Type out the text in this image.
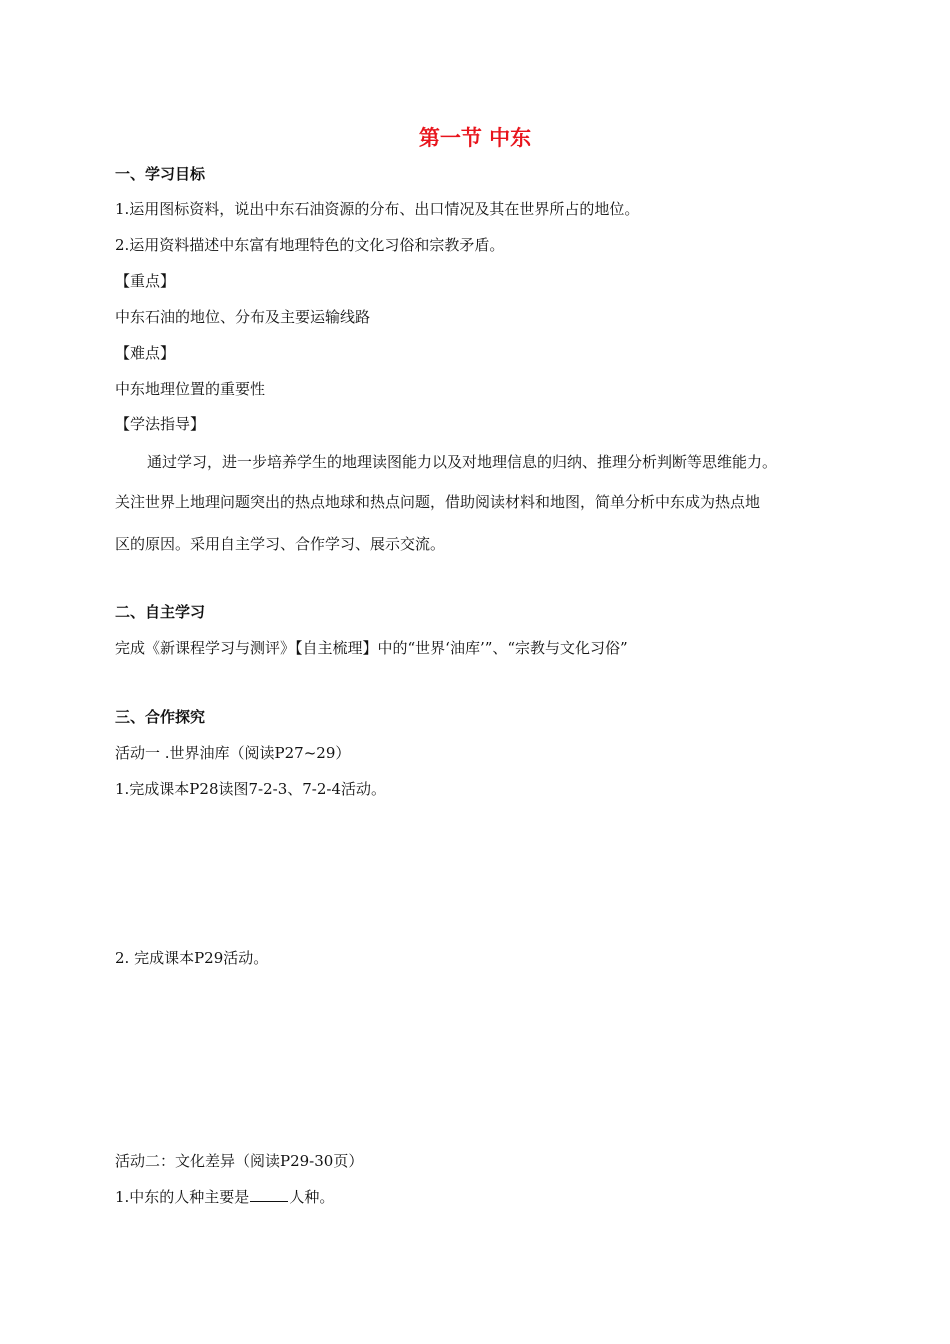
第一节 中东
一、学习目标
1.运用图标资料，说出中东石油资源的分布、出口情况及其在世界所占的地位。
2.运用资料描述中东富有地理特色的文化习俗和宗教矛盾。
【重点】
中东石油的地位、分布及主要运输线路
【难点】
中东地理位置的重要性
【学法指导】
通过学习，进一步培养学生的地理读图能力以及对地理信息的归纳、推理分析判断等思维能力。
关注世界上地理问题突出的热点地球和热点问题，借助阅读材料和地图，简单分析中东成为热点地
区的原因。采用自主学习、合作学习、展示交流。
二、自主学习
完成《新课程学习与测评》【自主梳理】中的“世界‘油库’”、“宗教与文化习俗”
三、合作探究
活动一 .世界油库（阅读P27~29）
1.完成课本P28读图7-2-3、7-2-4活动。
2. 完成课本P29活动。
活动二：文化差异（阅读P29-30页）
1.中东的人种主要是	人种。
